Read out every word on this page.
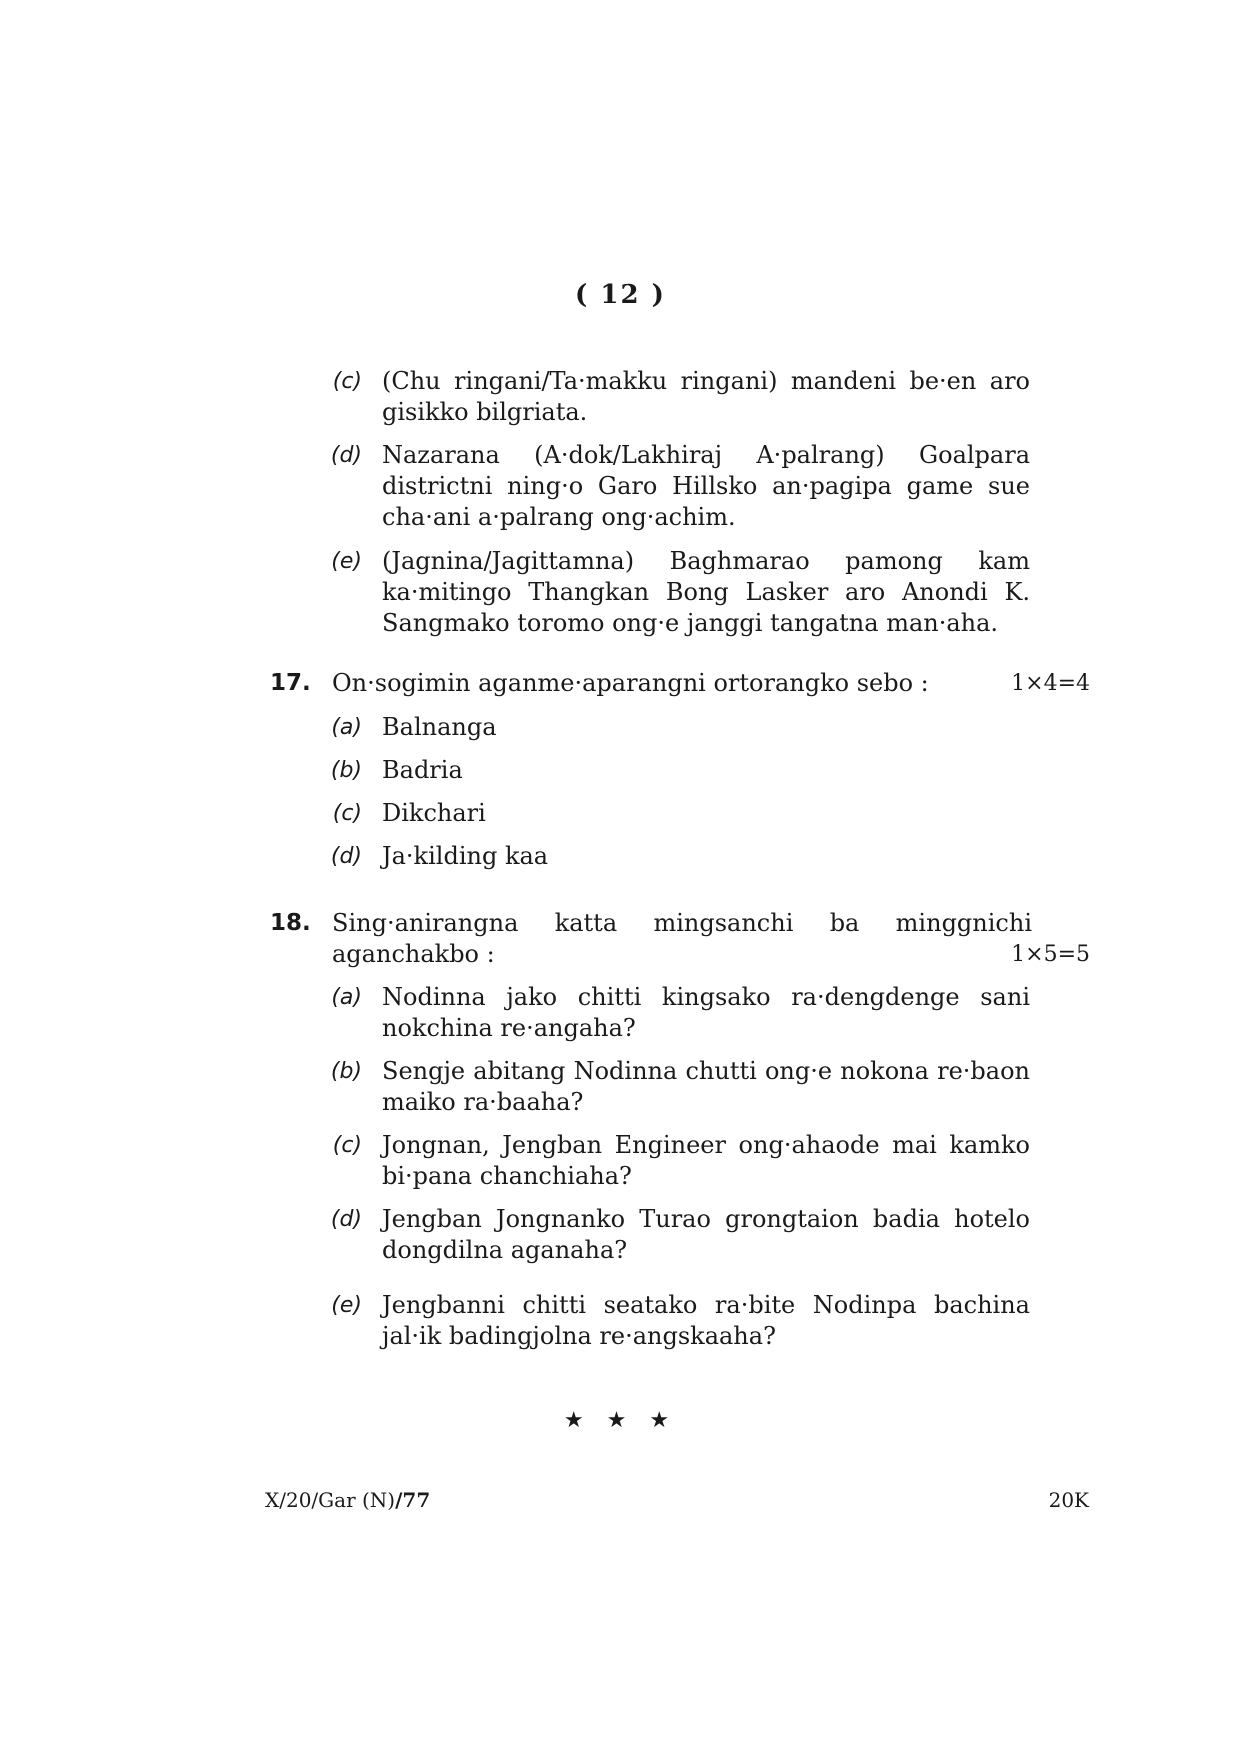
( 12 )
(c) (Chu ringani/Ta·makku ringani) mandeni be·en aro gisikko bilgriata.
(d) Nazarana (A·dok/Lakhiraj A·palrang) Goalpara districtni ning·o Garo Hillsko an·pagipa game sue cha·ani a·palrang ong·achim.
(e) (Jagnina/Jagittamna) Baghmarao pamong kam ka·mitingo Thangkan Bong Lasker aro Anondi K. Sangmako toromo ong·e janggi tangatna man·aha.
17. On·sogimin aganme·aparangni ortorangko sebo :	1×4=4
(a) Balnanga
(b) Badria
(c) Dikchari
(d) Ja·kilding kaa
18. Sing·anirangna katta mingsanchi ba minggnichi
aganchakbo :	1×5=5
(a) Nodinna jako chitti kingsako ra·dengdenge sani nokchina re·angaha?
(b) Sengje abitang Nodinna chutti ong·e nokona re·baon maiko ra·baaha?
(c) Jongnan, Jengban Engineer ong·ahaode mai kamko bi·pana chanchiaha?
(d) Jengban Jongnanko Turao grongtaion badia hotelo dongdilna aganaha?
(e) Jengbanni chitti seatako ra·bite Nodinpa bachina jal·ik badingjolna re·angskaaha?
★ ★ ★
X/20/Gar (N)/77	20K
